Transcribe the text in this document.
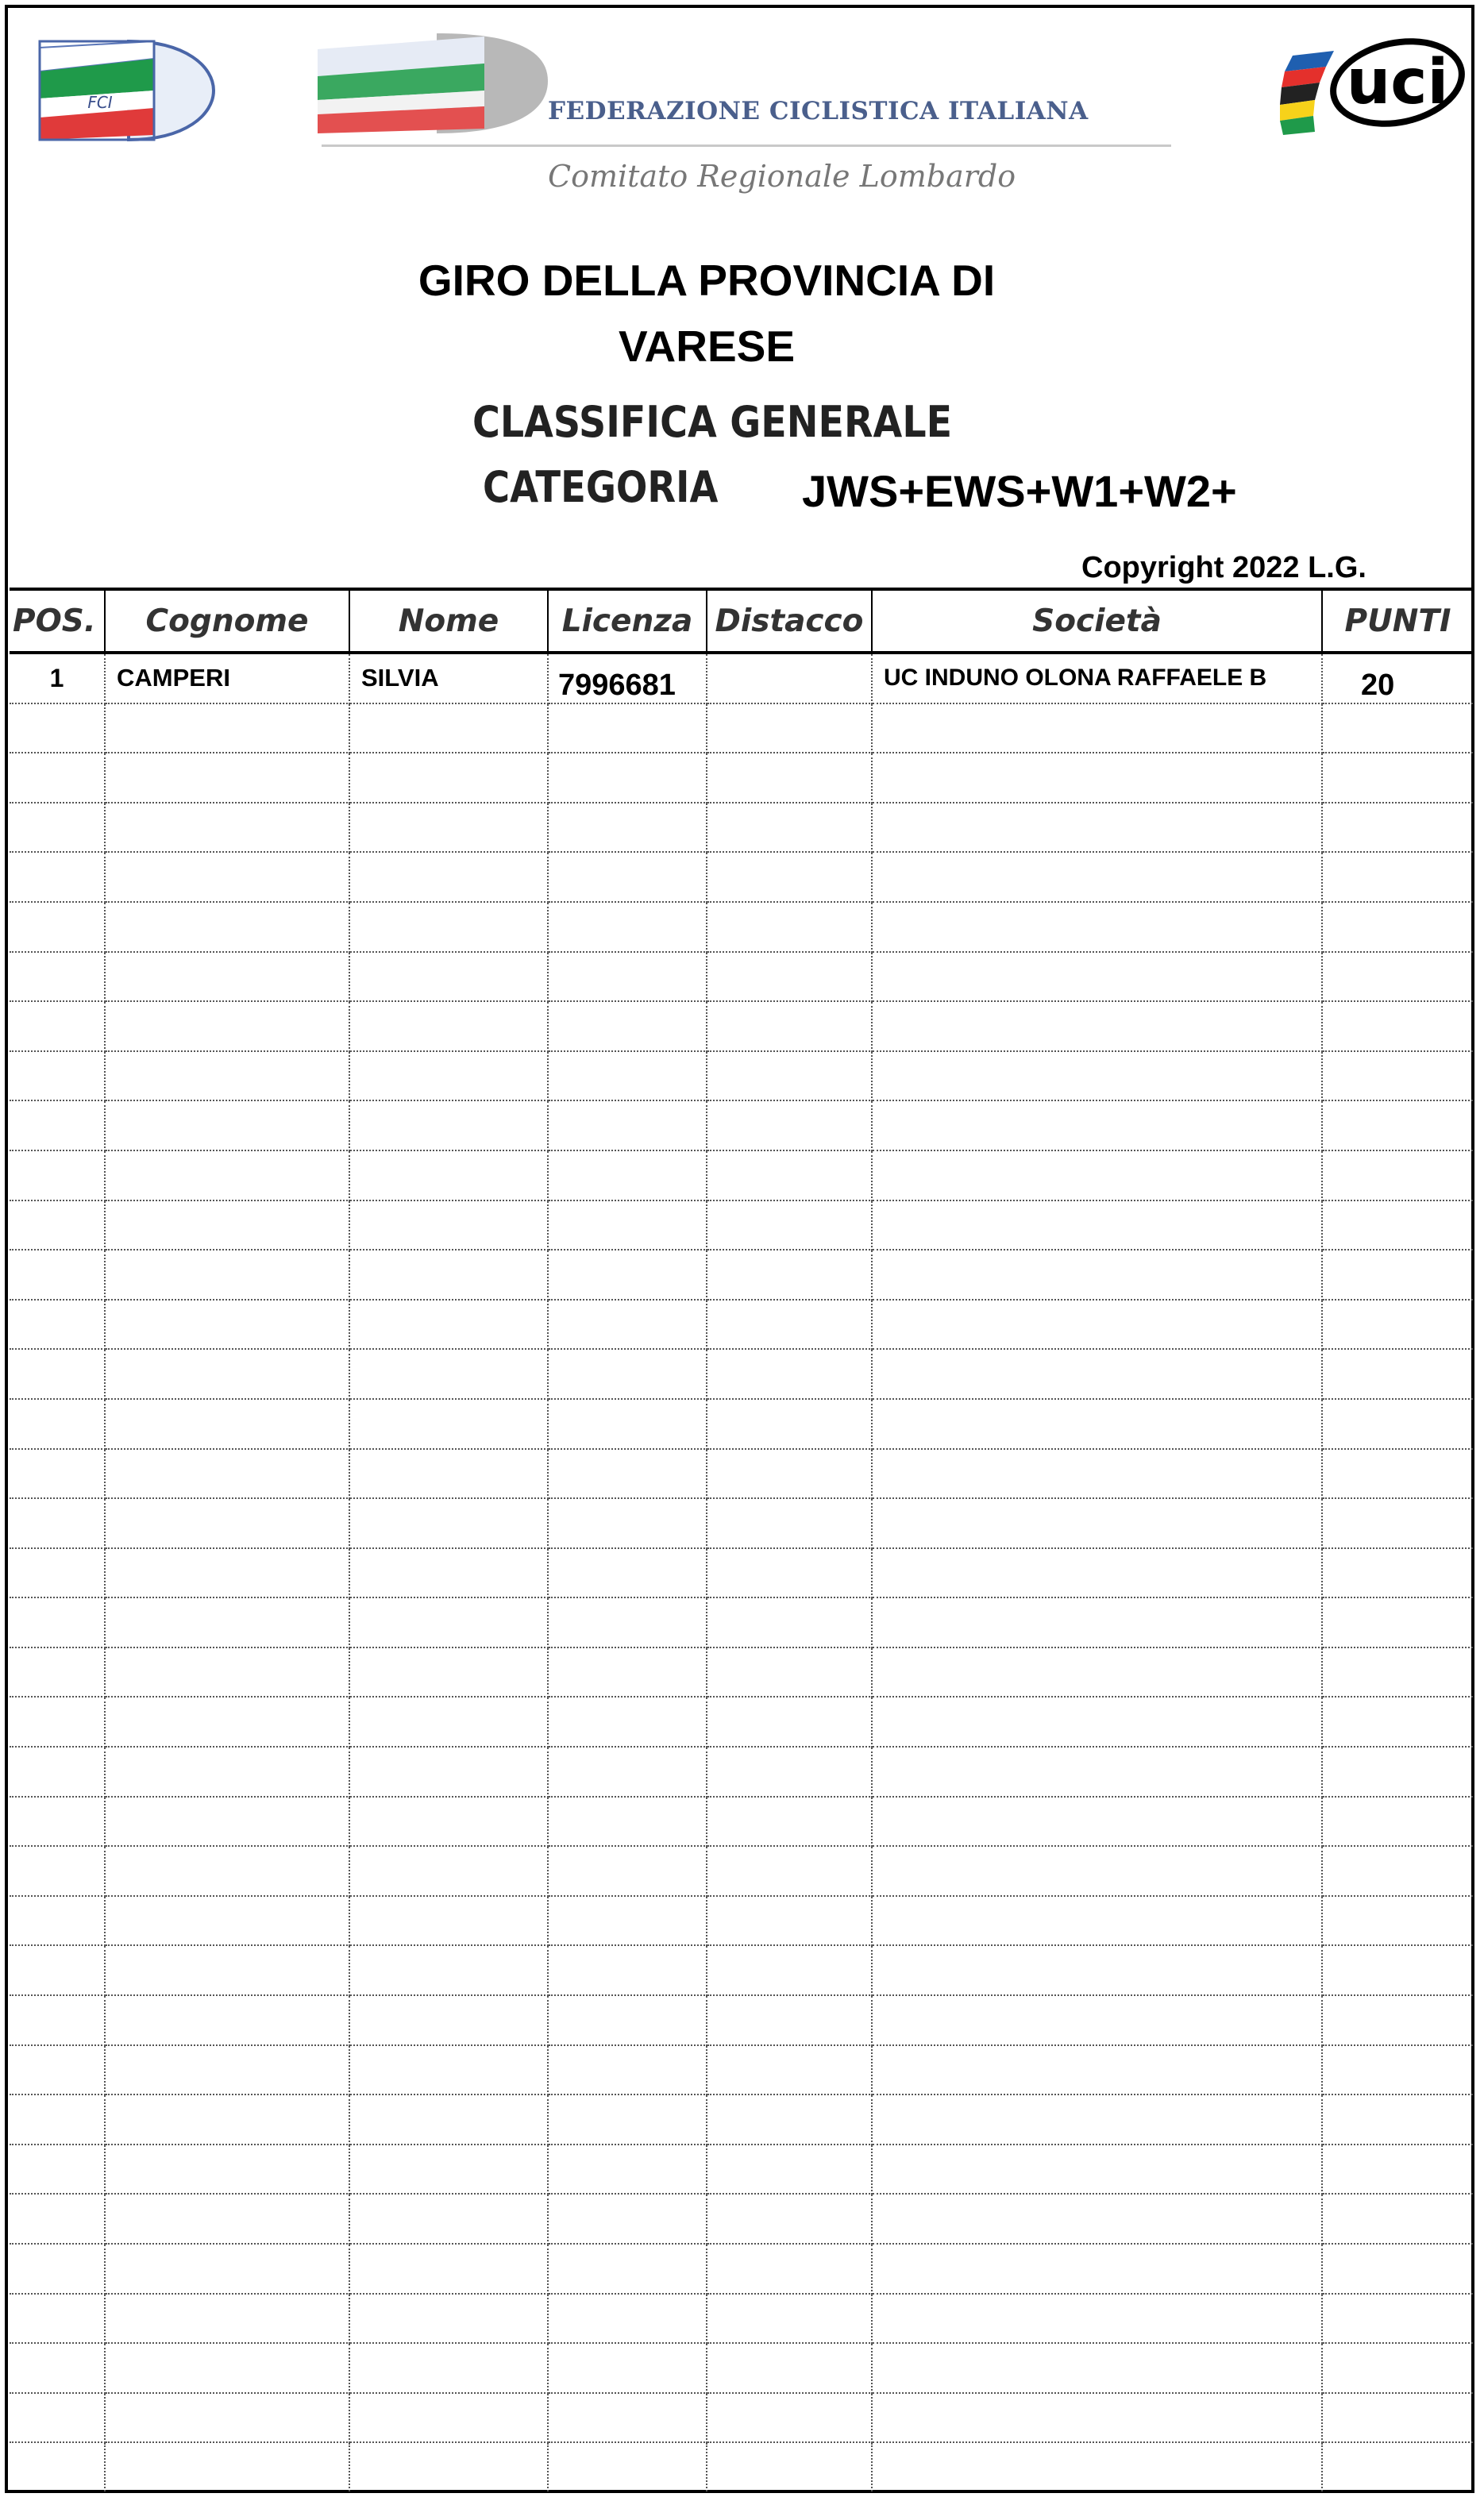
FCI	FEDERAZIONE CICLISTICA ITALIANA
Comitato Regionale Lombardo
uci
GIRO DELLA PROVINCIA DI
VARESE
CLASSIFICA GENERALE
CATEGORIA JWS+EWS+W1+W2+
Copyright 2022 L.G.
POS.	Cognome	Nome	Licenza	Distacco	Società	PUNTI
1	CAMPERI	SILVIA	7996681		UC INDUNO OLONA RAFFAELE B	20
